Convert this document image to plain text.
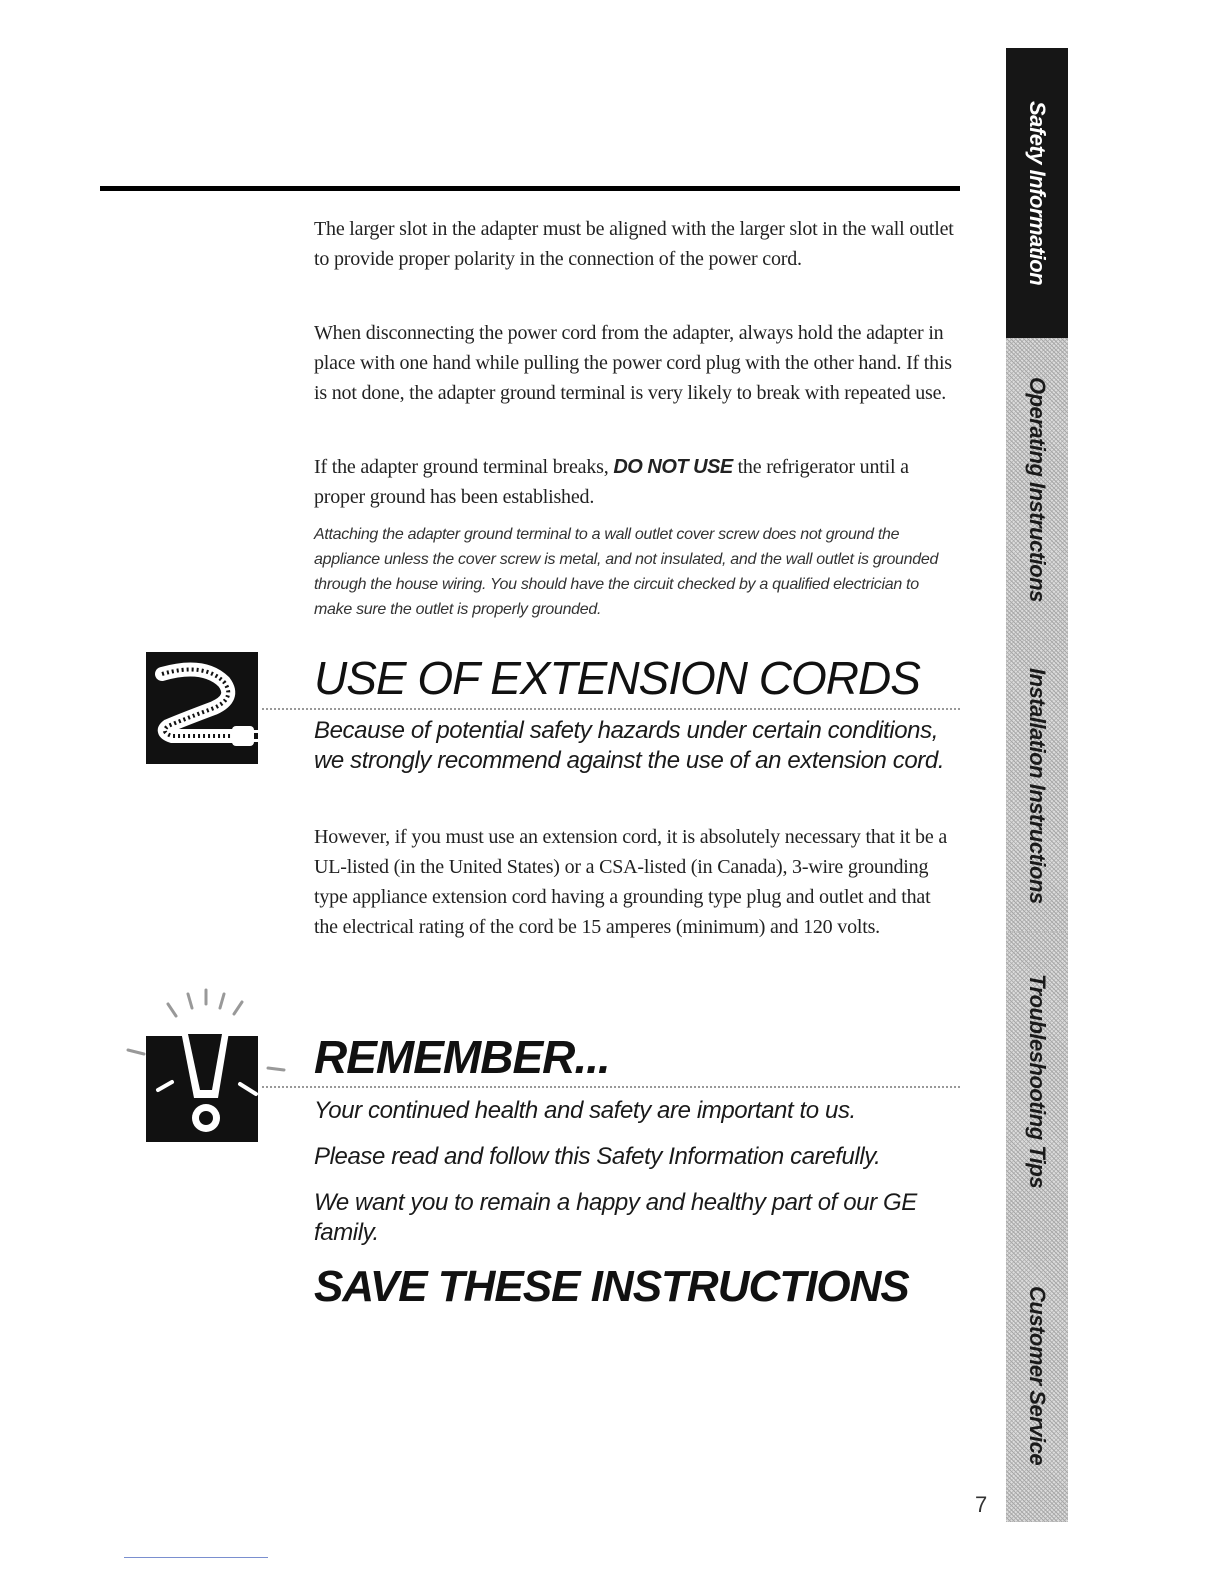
The larger slot in the adapter must be aligned with the larger slot in the wall outlet to provide proper polarity in the connection of the power cord.

When disconnecting the power cord from the adapter, always hold the adapter in place with one hand while pulling the power cord plug with the other hand. If this is not done, the adapter ground terminal is very likely to break with repeated use.

If the adapter ground terminal breaks, DO NOT USE the refrigerator until a proper ground has been established.

Attaching the adapter ground terminal to a wall outlet cover screw does not ground the appliance unless the cover screw is metal, and not insulated, and the wall outlet is grounded through the house wiring. You should have the circuit checked by a qualified electrician to make sure the outlet is properly grounded.

USE OF EXTENSION CORDS

Because of potential safety hazards under certain conditions, we strongly recommend against the use of an extension cord.

However, if you must use an extension cord, it is absolutely necessary that it be a UL-listed (in the United States) or a CSA-listed (in Canada), 3-wire grounding type appliance extension cord having a grounding type plug and outlet and that the electrical rating of the cord be 15 amperes (minimum) and 120 volts.

REMEMBER...

Your continued health and safety are important to us.

Please read and follow this Safety Information carefully.

We want you to remain a happy and healthy part of our GE family.

SAVE THESE INSTRUCTIONS
Safety Information
Operating Instructions
Installation Instructions
Troubleshooting Tips
Customer Service
7
